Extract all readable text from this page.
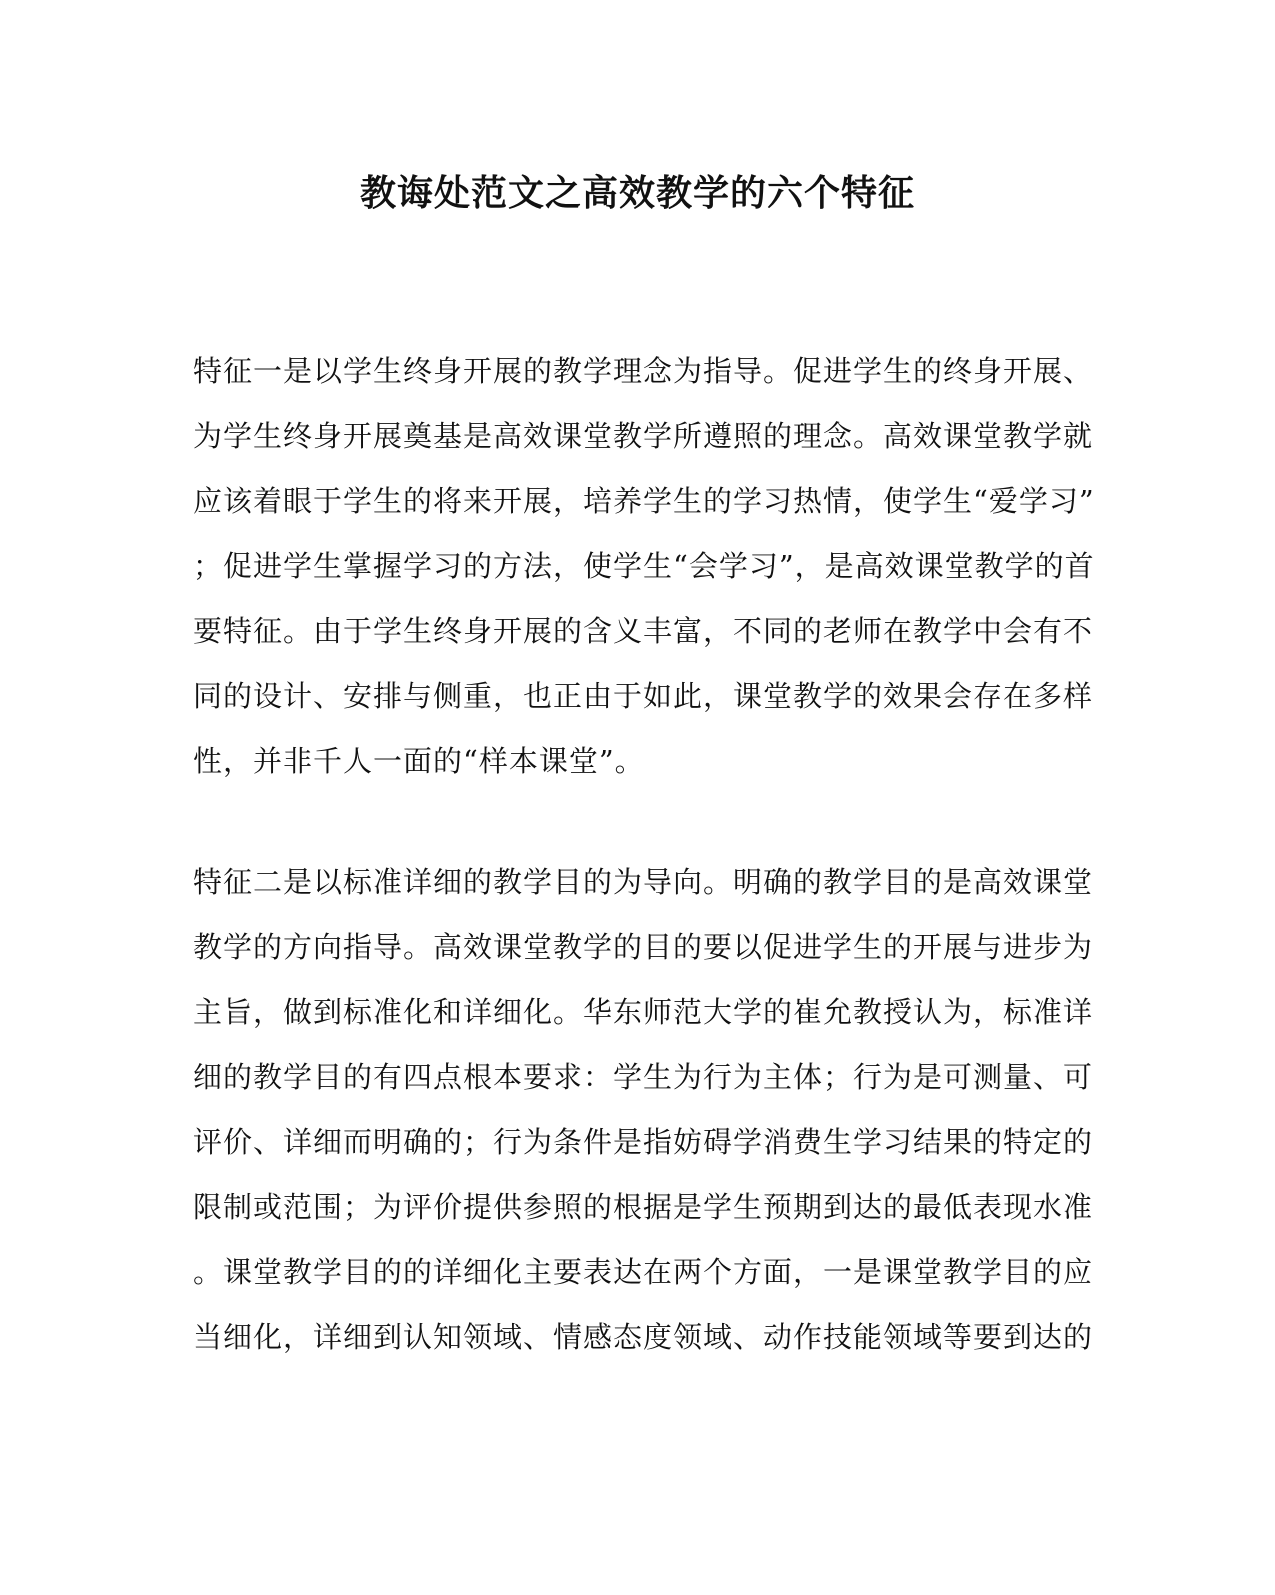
教诲处范文之高效教学的六个特征
特征一是以学生终身开展的教学理念为指导。促进学生的终身开展、
为学生终身开展奠基是高效课堂教学所遵照的理念。高效课堂教学就
应该着眼于学生的将来开展，培养学生的学习热情，使学生“爱学习”
；促进学生掌握学习的方法，使学生“会学习”，是高效课堂教学的首
要特征。由于学生终身开展的含义丰富，不同的老师在教学中会有不
同的设计、安排与侧重，也正由于如此，课堂教学的效果会存在多样
性，并非千人一面的“样本课堂”。
特征二是以标准详细的教学目的为导向。明确的教学目的是高效课堂
教学的方向指导。高效课堂教学的目的要以促进学生的开展与进步为
主旨，做到标准化和详细化。华东师范大学的崔允教授认为，标准详
细的教学目的有四点根本要求：学生为行为主体；行为是可测量、可
评价、详细而明确的；行为条件是指妨碍学消费生学习结果的特定的
限制或范围；为评价提供参照的根据是学生预期到达的最低表现水准
。课堂教学目的的详细化主要表达在两个方面，一是课堂教学目的应
当细化，详细到认知领域、情感态度领域、动作技能领域等要到达的
